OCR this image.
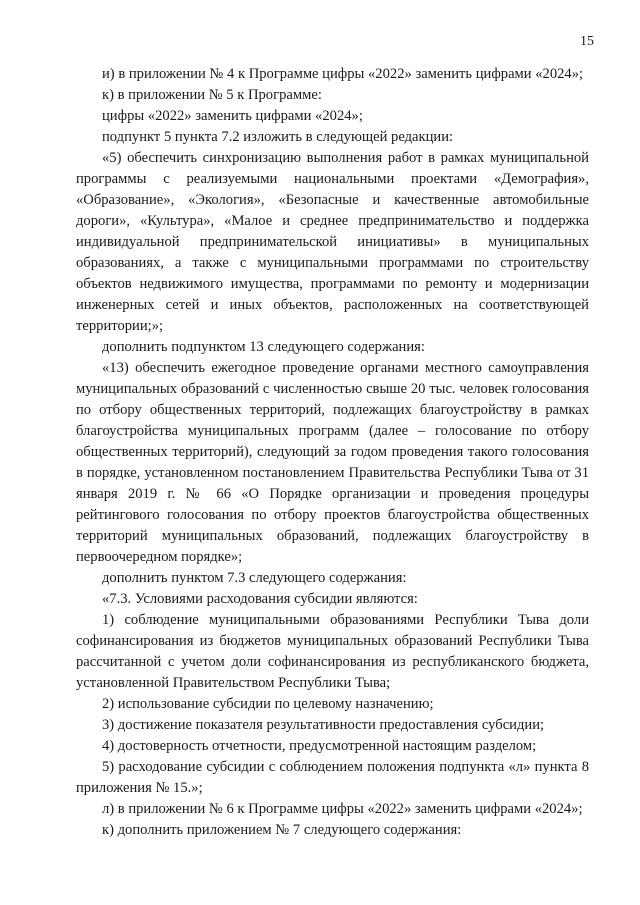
15

и) в приложении № 4 к Программе цифры «2022» заменить цифрами «2024»;

к) в приложении № 5 к Программе:

цифры «2022» заменить цифрами «2024»;

подпункт 5 пункта 7.2 изложить в следующей редакции:

«5) обеспечить синхронизацию выполнения работ в рамках муниципальной программы с реализуемыми национальными проектами «Демография», «Образование», «Экология», «Безопасные и качественные автомобильные дороги», «Культура», «Малое и среднее предпринимательство и поддержка индивидуальной предпринимательской инициативы» в муниципальных образованиях, а также с муниципальными программами по строительству объектов недвижимого имущества, программами по ремонту и модернизации инженерных сетей и иных объектов, расположенных на соответствующей территории;»;

дополнить подпунктом 13 следующего содержания:

«13) обеспечить ежегодное проведение органами местного самоуправления муниципальных образований с численностью свыше 20 тыс. человек голосования по отбору общественных территорий, подлежащих благоустройству в рамках благоустройства муниципальных программ (далее – голосование по отбору общественных территорий), следующий за годом проведения такого голосования в порядке, установленном постановлением Правительства Республики Тыва от 31 января 2019 г. № 66 «О Порядке организации и проведения процедуры рейтингового голосования по отбору проектов благоустройства общественных территорий муниципальных образований, подлежащих благоустройству в первоочередном порядке»;

дополнить пунктом 7.3 следующего содержания:

«7.3. Условиями расходования субсидии являются:

1) соблюдение муниципальными образованиями Республики Тыва доли софинансирования из бюджетов муниципальных образований Республики Тыва рассчитанной с учетом доли софинансирования из республиканского бюджета, установленной Правительством Республики Тыва;

2) использование субсидии по целевому назначению;

3) достижение показателя результативности предоставления субсидии;

4) достоверность отчетности, предусмотренной настоящим разделом;

5) расходование субсидии с соблюдением положения подпункта «л» пункта 8 приложения № 15.»;

л) в приложении № 6 к Программе цифры «2022» заменить цифрами «2024»;

к) дополнить приложением № 7 следующего содержания:
